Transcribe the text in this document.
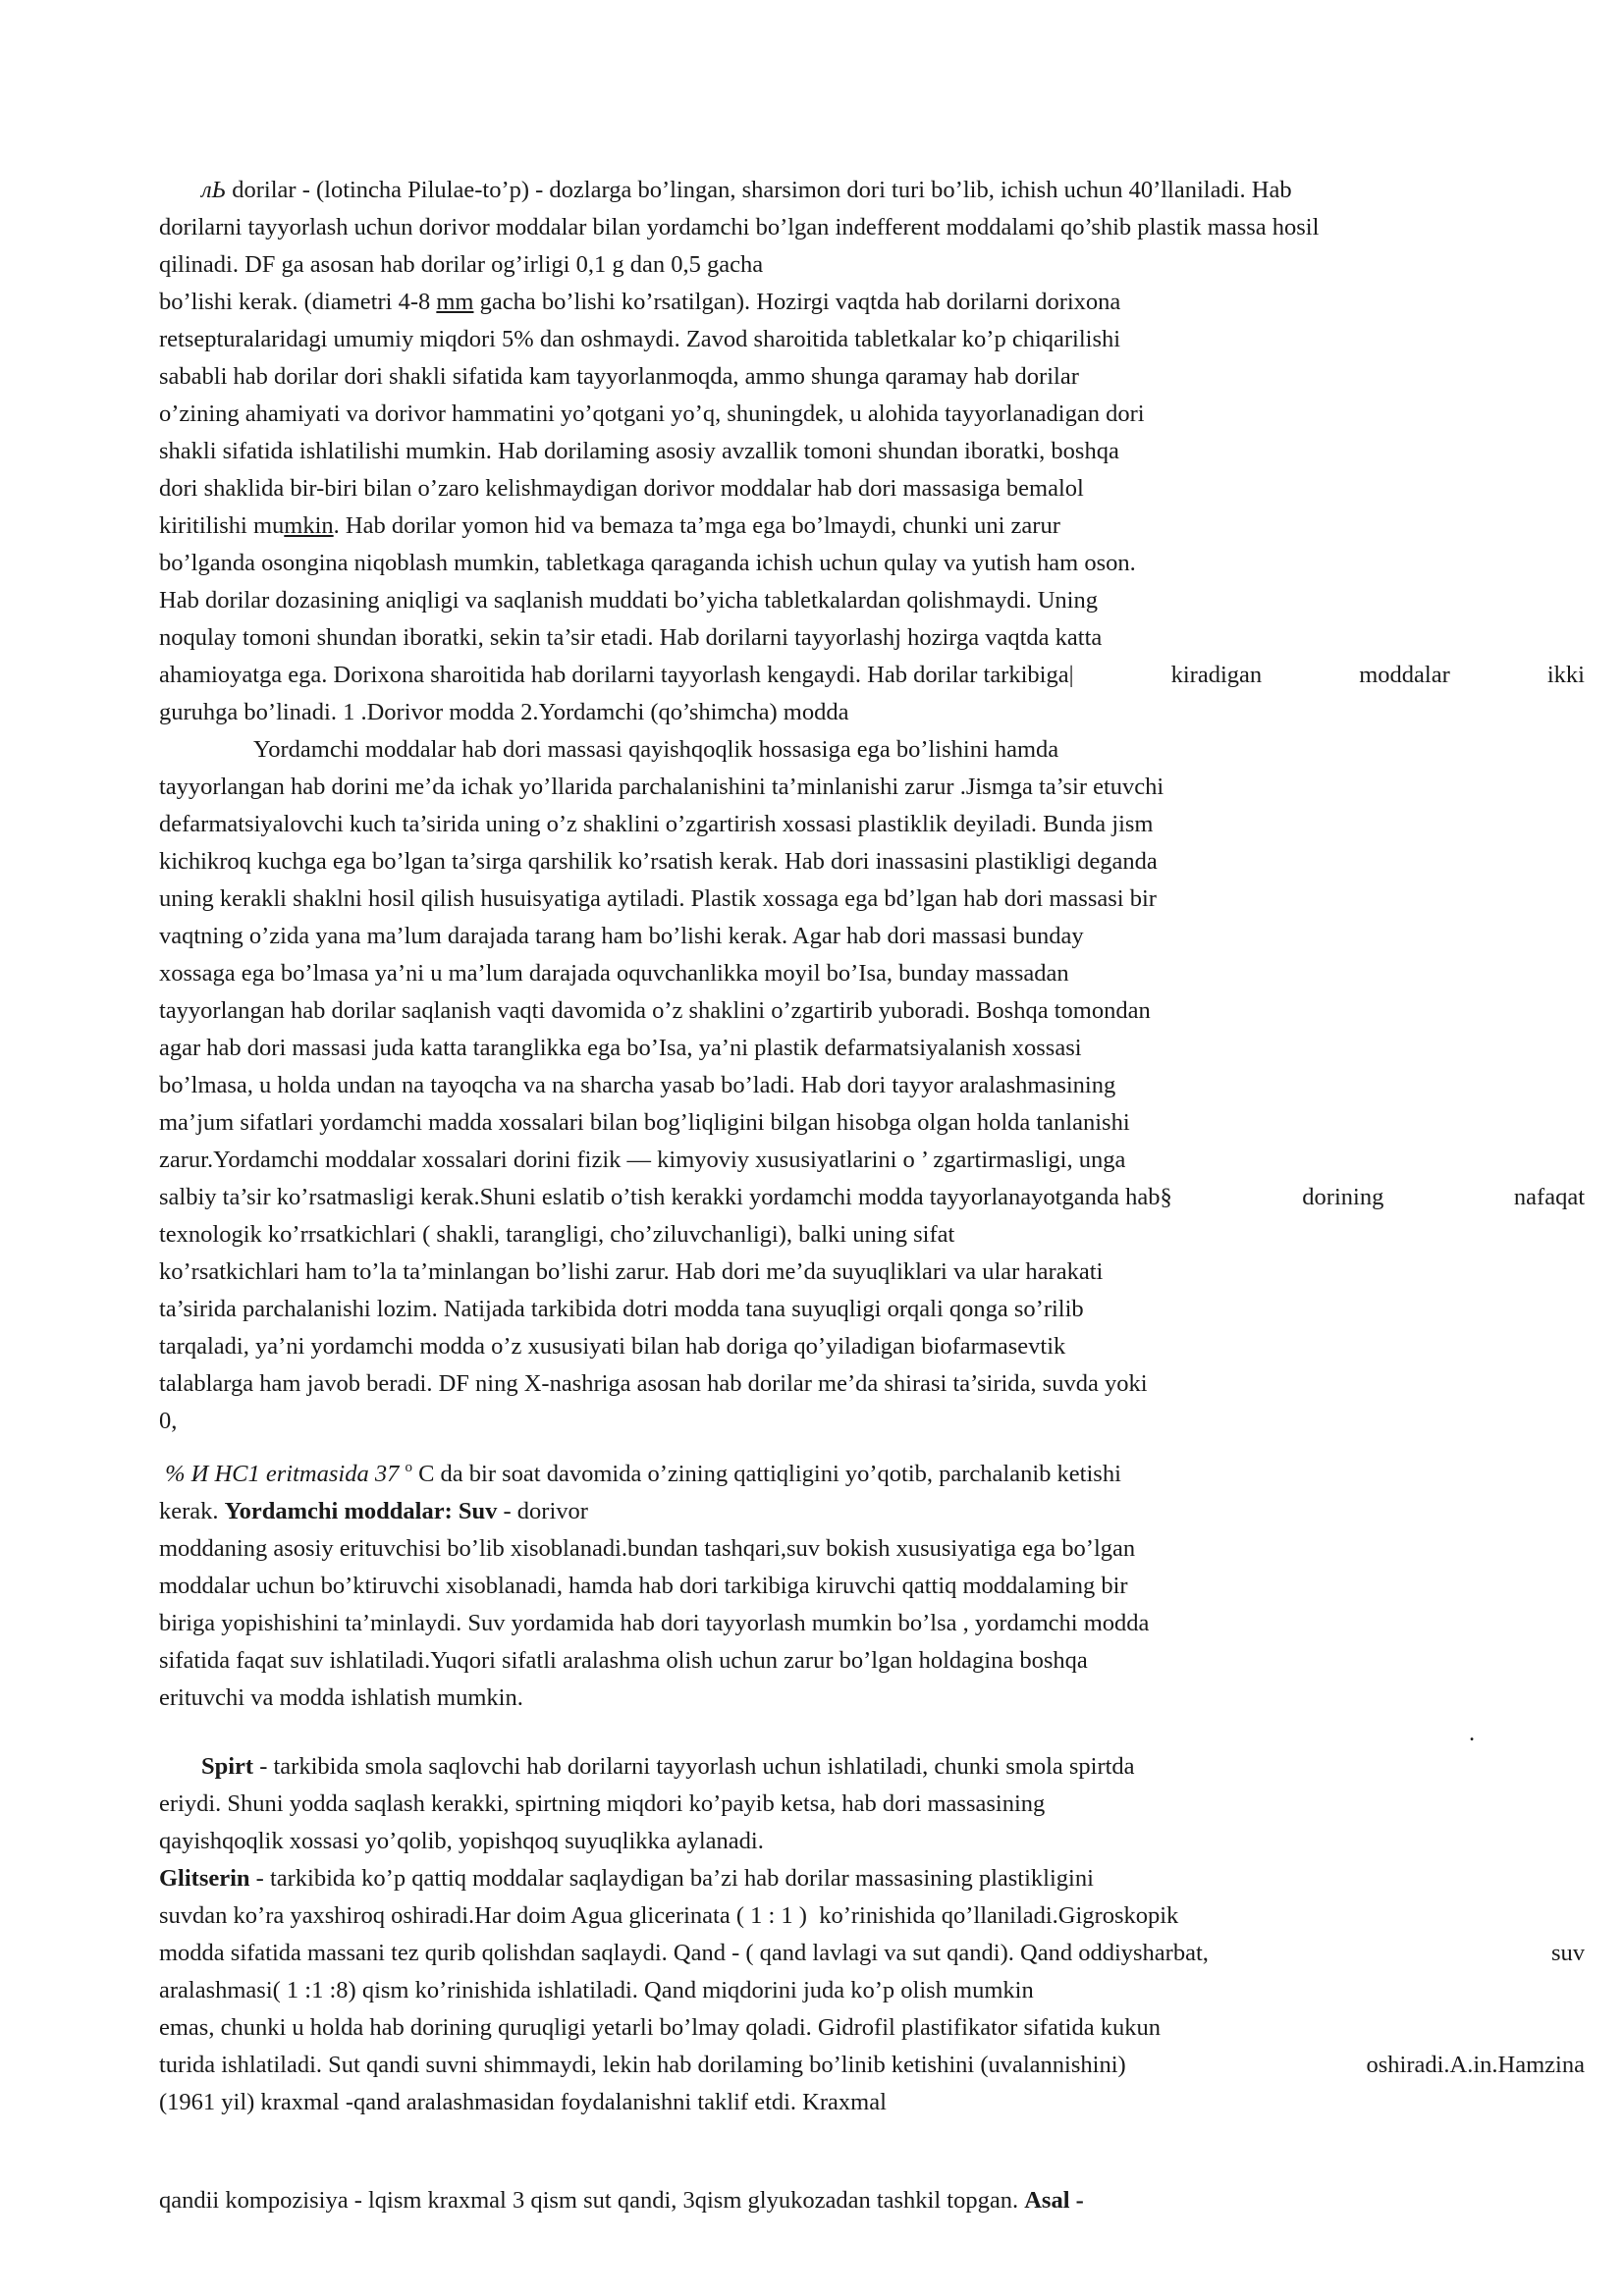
лЬ dorilar - (lotincha Pilulae-to’p) - dozlarga bo’lingan, sharsimon dori turi bo’lib, ichish uchun 40’llaniladi. Hab
dorilarni tayyorlash uchun dorivor moddalar bilan yordamchi bo’lgan indefferent moddalami qo’shib plastik massa hosil
qilinadi. DF ga asosan hab dorilar og’irligi 0,1 g dan 0,5 gacha
bo’lishi kerak. (diametri 4-8 mm gacha bo’lishi ko’rsatilgan). Hozirgi vaqtda hab dorilarni dorixona
retsepturalaridagi umumiy miqdori 5% dan oshmaydi. Zavod sharoitida tabletkalar ko’p chiqarilishi
sababli hab dorilar dori shakli sifatida kam tayyorlanmoqda, ammo shunga qaramay hab dorilar
o’zining ahamiyati va dorivor hammatini yo’qotgani yo’q, shuningdek, u alohida tayyorlanadigan dori
shakli sifatida ishlatilishi mumkin. Hab dorilaming asosiy avzallik tomoni shundan iboratki, boshqa
dori shaklida bir-biri bilan o’zaro kelishmaydigan dorivor moddalar hab dori massasiga bemalol
kiritilishi mumkin. Hab dorilar yomon hid va bemaza ta’mga ega bo’lmaydi, chunki uni zarur
bo’lganda osongina niqoblash mumkin, tabletkaga qaraganda ichish uchun qulay va yutish ham oson.
Hab dorilar dozasining aniqligi va saqlanish muddati bo’yicha tabletkalardan qolishmaydi. Uning
noqulay tomoni shundan iboratki, sekin ta’sir etadi. Hab dorilarni tayyorlashj hozirga vaqtda katta
ahamioyatga ega. Dorixona sharoitida hab dorilarni tayyorlash kengaydi. Hab dorilar tarkibiga|	kiradigan	moddalar	ikki
guruhga bo’linadi. 1 .Dorivor modda 2.Yordamchi (qo’shimcha) modda
Yordamchi moddalar hab dori massasi qayishqoqlik hossasiga ega bo’lishini hamda
tayyorlangan hab dorini me’da ichak yo’llarida parchalanishini ta’minlanishi zarur .Jismga ta’sir etuvchi
defarmatsiyalovchi kuch ta’sirida uning o’z shaklini o’zgartirish xossasi plastiklik deyiladi. Bunda jism
kichikroq kuchga ega bo’lgan ta’sirga qarshilik ko’rsatish kerak. Hab dori inassasini plastikligi deganda
uning kerakli shaklni hosil qilish husuisyatiga aytiladi. Plastik xossaga ega bd’lgan hab dori massasi bir
vaqtning o’zida yana ma’lum darajada tarang ham bo’lishi kerak. Agar hab dori massasi bunday
xossaga ega bo’lmasa ya’ni u ma’lum darajada oquvchanlikka moyil bo’Isa, bunday massadan
tayyorlangan hab dorilar saqlanish vaqti davomida o’z shaklini o’zgartirib yuboradi. Boshqa tomondan
agar hab dori massasi juda katta taranglikka ega bo’Isa, ya’ni plastik defarmatsiyalanish xossasi
bo’lmasa, u holda undan na tayoqcha va na sharcha yasab bo’ladi. Hab dori tayyor aralashmasining
ma’jum sifatlari yordamchi madda xossalari bilan bog’liqligini bilgan hisobga olgan holda tanlanishi
zarur.Yordamchi moddalar xossalari dorini fizik — kimyoviy xususiyatlarini o ’ zgartirmasligi, unga
salbiy ta’sir ko’rsatmasligi kerak.Shuni eslatib o’tish kerakki yordamchi modda tayyorlanayotganda hab§	dorining	nafaqat
texnologik ko’rrsatkichlari ( shakli, tarangligi, cho’ziluvchanligi), balki uning sifat
ko’rsatkichlari ham to’la ta’minlangan bo’lishi zarur. Hab dori me’da suyuqliklari va ular harakati
ta’sirida parchalanishi lozim. Natijada tarkibida dotri modda tana suyuqligi orqali qonga so’rilib
tarqaladi, ya’ni yordamchi modda o’z xususiyati bilan hab doriga qo’yiladigan biofarmasevtik
talablarga ham javob beradi. DF ning X-nashriga asosan hab dorilar me’da shirasi ta’sirida, suvda yoki
0,
% И НС1 eritmasida 37 $^о$ C da bir soat davomida o’zining qattiqligini yo’qotib, parchalanib ketishi
kerak. Yordamchi moddalar: Suv - dorivor
moddaning asosiy erituvchisi bo’lib xisoblanadi.bundan tashqari,suv bokish xususiyatiga ega bo’lgan
moddalar uchun bo’ktiruvchi xisoblanadi, hamda hab dori tarkibiga kiruvchi qattiq moddalaming bir
biriga yopishishini ta’minlaydi. Suv yordamida hab dori tayyorlash mumkin bo’lsa , yordamchi modda
sifatida faqat suv ishlatiladi.Yuqori sifatli aralashma olish uchun zarur bo’lgan holdagina boshqa
erituvchi va modda ishlatish mumkin.
.
Spirt - tarkibida smola saqlovchi hab dorilarni tayyorlash uchun ishlatiladi, chunki smola spirtda
eriydi. Shuni yodda saqlash kerakki, spirtning miqdori ko’payib ketsa, hab dori massasining
qayishqoqlik xossasi yo’qolib, yopishqoq suyuqlikka aylanadi.
Glitserin - tarkibida ko’p qattiq moddalar saqlaydigan ba’zi hab dorilar massasining plastikligini
suvdan ko’ra yaxshiroq oshiradi.Har doim Agua glicerinata ( 1 : 1 )  ko’rinishida qo’llaniladi.Gigroskopik
modda sifatida massani tez qurib qolishdan saqlaydi. Qand - ( qand lavlagi va sut qandi). Qand oddiysharbat,	suv
aralashmasi( 1 :1 :8) qism ko’rinishida ishlatiladi. Qand miqdorini juda ko’p olish mumkin
emas, chunki u holda hab dorining quruqligi yetarli bo’lmay qoladi. Gidrofil plastifikator sifatida kukun
turida ishlatiladi. Sut qandi suvni shimmaydi, lekin hab dorilaming bo’linib ketishini (uvalannishini)	oshiradi.A.in.Hamzina
(1961 yil) kraxmal -qand aralashmasidan foydalanishni taklif etdi. Kraxmal
qandii kompozisiya - lqism kraxmal 3 qism sut qandi, 3qism glyukozadan tashkil topgan. Asal -
